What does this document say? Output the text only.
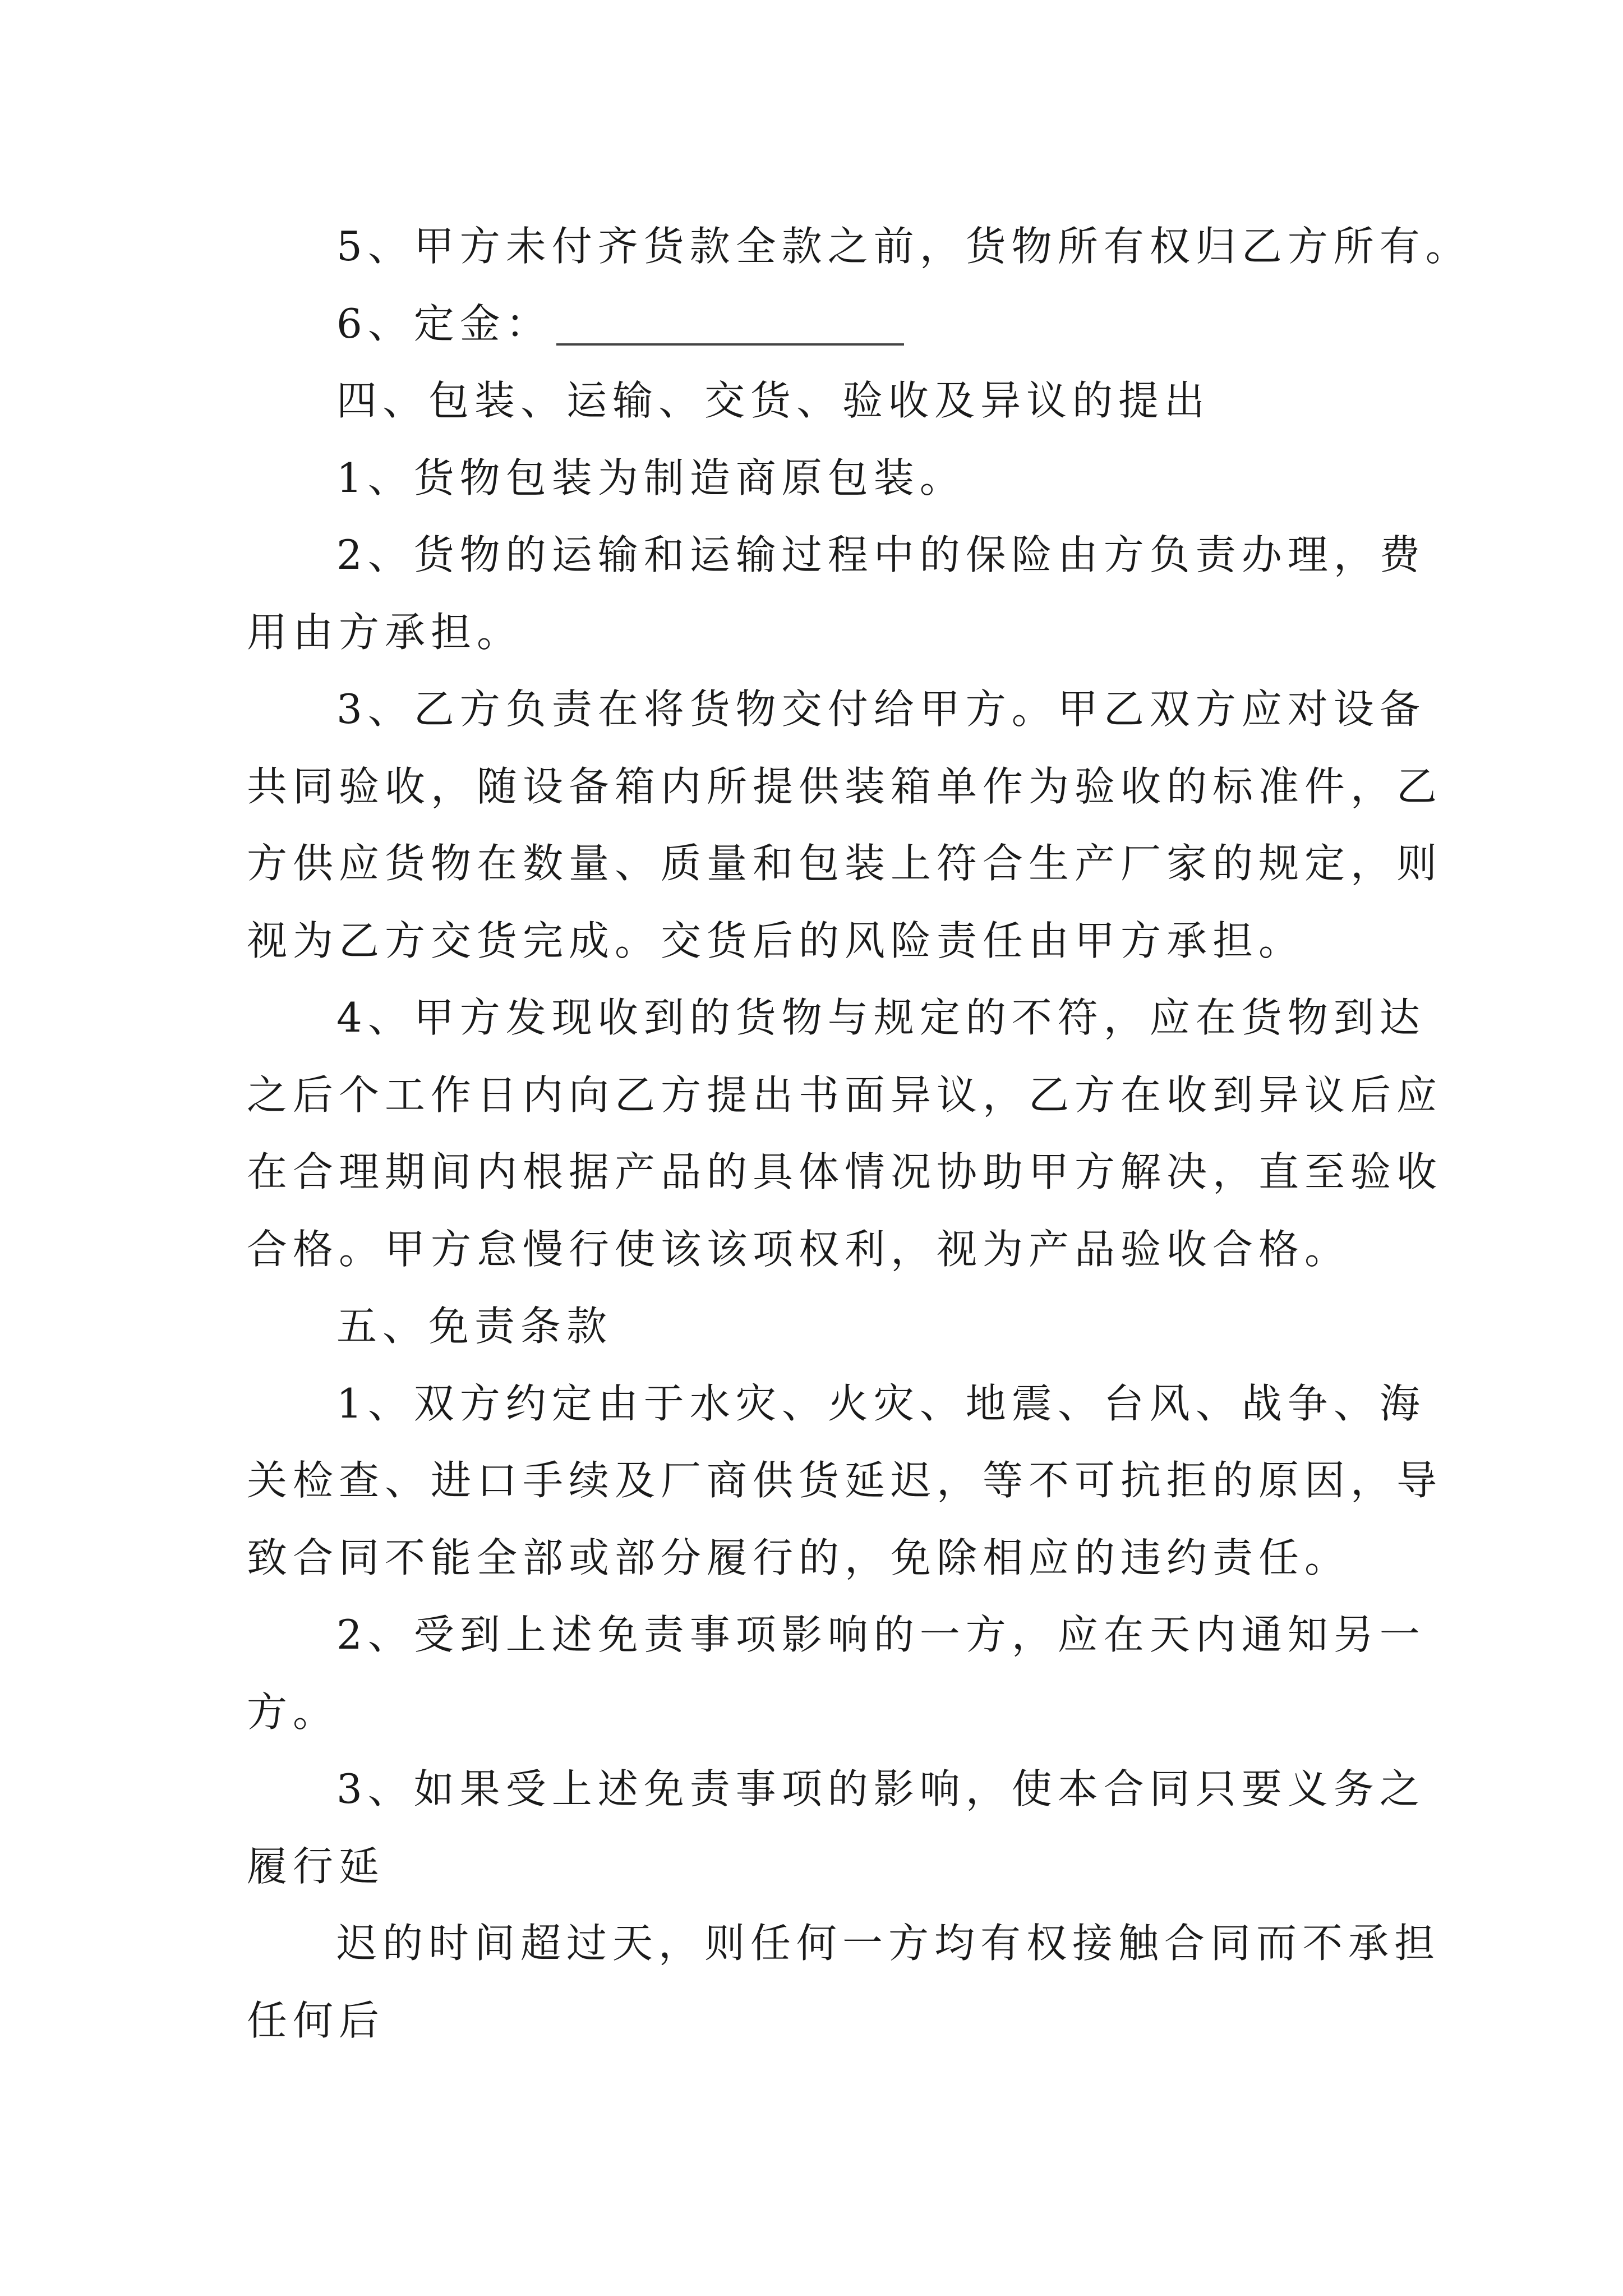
5、甲方未付齐货款全款之前，货物所有权归乙方所有。
6、定金：
四、包装、运输、交货、验收及异议的提出
1、货物包装为制造商原包装。
2、货物的运输和运输过程中的保险由方负责办理，费
用由方承担。
3、乙方负责在将货物交付给甲方。甲乙双方应对设备
共同验收，随设备箱内所提供装箱单作为验收的标准件，乙
方供应货物在数量、质量和包装上符合生产厂家的规定，则
视为乙方交货完成。交货后的风险责任由甲方承担。
4、甲方发现收到的货物与规定的不符，应在货物到达
之后个工作日内向乙方提出书面异议，乙方在收到异议后应
在合理期间内根据产品的具体情况协助甲方解决，直至验收
合格。甲方怠慢行使该该项权利，视为产品验收合格。
五、免责条款
1、双方约定由于水灾、火灾、地震、台风、战争、海
关检查、进口手续及厂商供货延迟，等不可抗拒的原因，导
致合同不能全部或部分履行的，免除相应的违约责任。
2、受到上述免责事项影响的一方，应在天内通知另一
方。
3、如果受上述免责事项的影响，使本合同只要义务之
履行延
迟的时间超过天，则任何一方均有权接触合同而不承担
任何后
